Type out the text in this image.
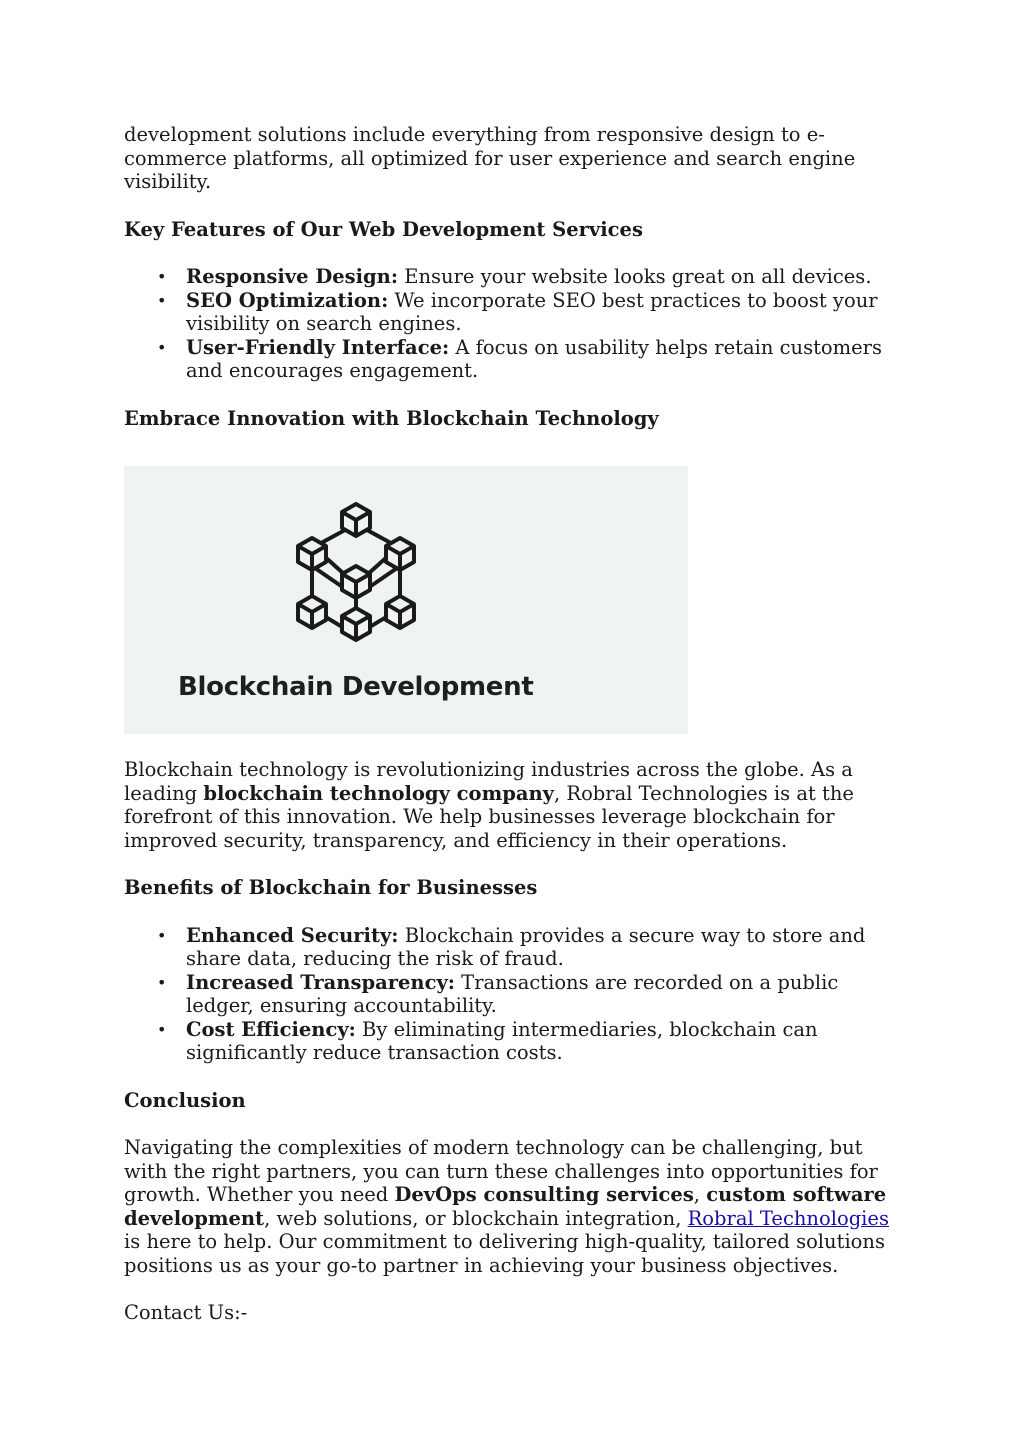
development solutions include everything from responsive design to e-commerce platforms, all optimized for user experience and search engine visibility.

Key Features of Our Web Development Services

• Responsive Design: Ensure your website looks great on all devices.
• SEO Optimization: We incorporate SEO best practices to boost your visibility on search engines.
• User-Friendly Interface: A focus on usability helps retain customers and encourages engagement.

Embrace Innovation with Blockchain Technology

Blockchain Development

Blockchain technology is revolutionizing industries across the globe. As a leading blockchain technology company, Robral Technologies is at the forefront of this innovation. We help businesses leverage blockchain for improved security, transparency, and efficiency in their operations.

Benefits of Blockchain for Businesses

• Enhanced Security: Blockchain provides a secure way to store and share data, reducing the risk of fraud.
• Increased Transparency: Transactions are recorded on a public ledger, ensuring accountability.
• Cost Efficiency: By eliminating intermediaries, blockchain can significantly reduce transaction costs.

Conclusion

Navigating the complexities of modern technology can be challenging, but with the right partners, you can turn these challenges into opportunities for growth. Whether you need DevOps consulting services, custom software development, web solutions, or blockchain integration, Robral Technologies is here to help. Our commitment to delivering high-quality, tailored solutions positions us as your go-to partner in achieving your business objectives.

Contact Us:-
